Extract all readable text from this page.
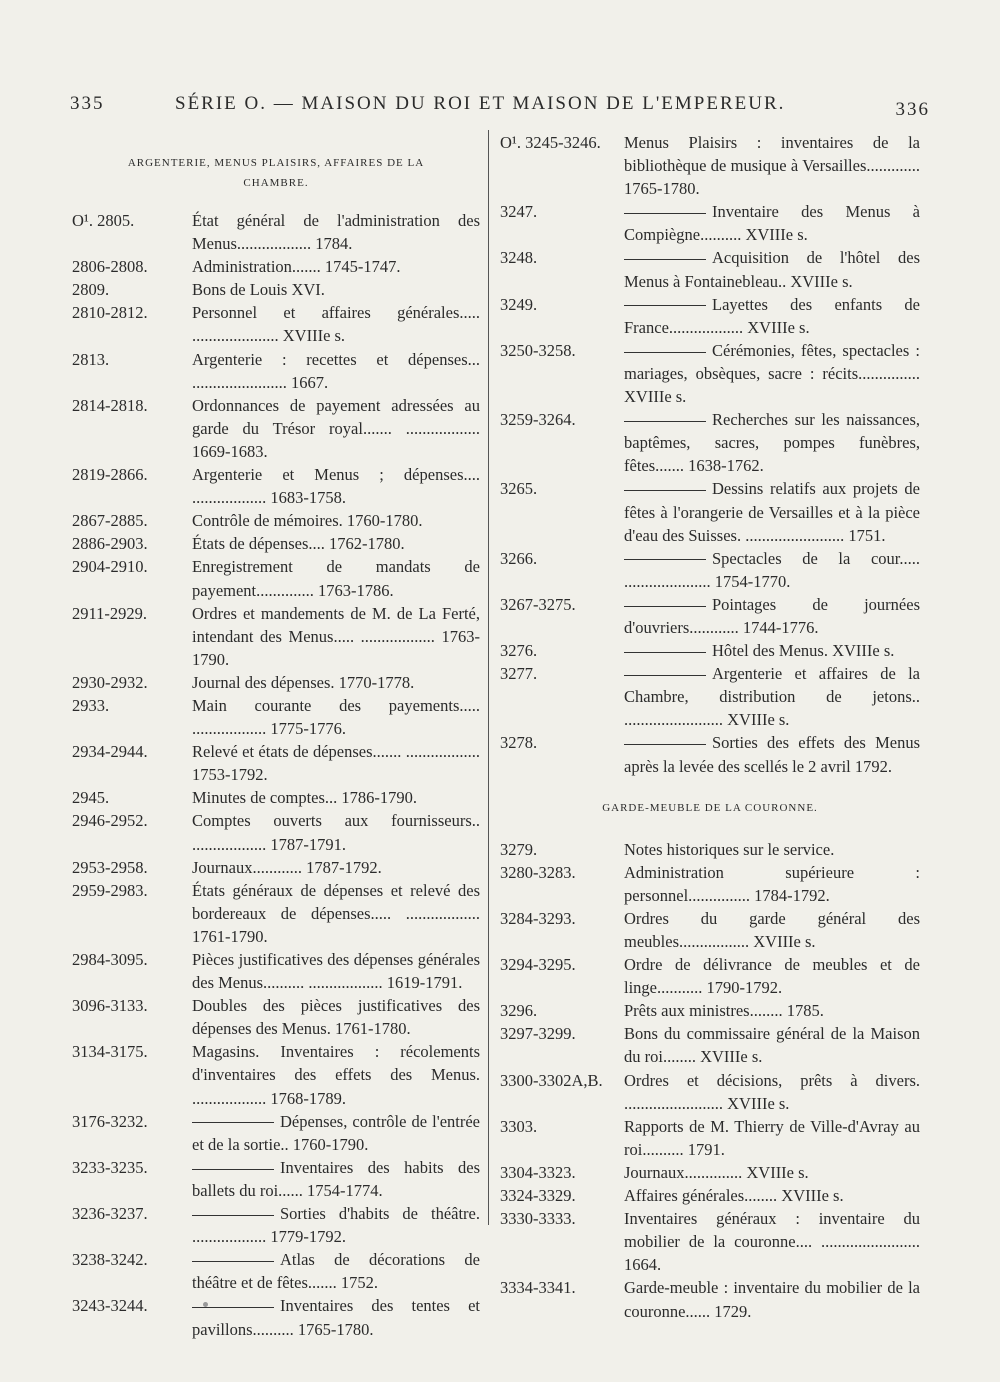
335	SÉRIE O. — MAISON DU ROI ET MAISON DE L'EMPEREUR.	336
ARGENTERIE, MENUS PLAISIRS, AFFAIRES DE LA CHAMBRE.
O¹. 2805.	État général de l'administration des Menus.................. 1784.
2806-2808.	Administration....... 1745-1747.
2809.	Bons de Louis XVI.
2810-2812.	Personnel et affaires générales..... ..................... XVIIIe s.
2813.	Argenterie : recettes et dépenses... ....................... 1667.
2814-2818.	Ordonnances de payement adressées au garde du Trésor royal....... .................. 1669-1683.
2819-2866.	Argenterie et Menus ; dépenses.... .................. 1683-1758.
2867-2885.	Contrôle de mémoires. 1760-1780.
2886-2903.	États de dépenses.... 1762-1780.
2904-2910.	Enregistrement de mandats de payement.............. 1763-1786.
2911-2929.	Ordres et mandements de M. de La Ferté, intendant des Menus..... .................. 1763-1790.
2930-2932.	Journal des dépenses. 1770-1778.
2933.	Main courante des payements..... .................. 1775-1776.
2934-2944.	Relevé et états de dépenses....... .................. 1753-1792.
2945.	Minutes de comptes... 1786-1790.
2946-2952.	Comptes ouverts aux fournisseurs.. .................. 1787-1791.
2953-2958.	Journaux............ 1787-1792.
2959-2983.	États généraux de dépenses et relevé des bordereaux de dépenses..... .................. 1761-1790.
2984-3095.	Pièces justificatives des dépenses générales des Menus.......... .................. 1619-1791.
3096-3133.	Doubles des pièces justificatives des dépenses des Menus. 1761-1780.
3134-3175.	Magasins. Inventaires : récolements d'inventaires des effets des Menus. .................. 1768-1789.
3176-3232.	Dépenses, contrôle de l'entrée et de la sortie.. 1760-1790.
3233-3235.	Inventaires des habits des ballets du roi...... 1754-1774.
3236-3237.	Sorties d'habits de théâtre. .................. 1779-1792.
3238-3242.	Atlas de décorations de théâtre et de fêtes....... 1752.
3243-3244.	Inventaires des tentes et pavillons.......... 1765-1780.
O¹. 3245-3246.	Menus Plaisirs : inventaires de la bibliothèque de musique à Versailles............. 1765-1780.
3247.	Inventaire des Menus à Compiègne.......... XVIIIe s.
3248.	Acquisition de l'hôtel des Menus à Fontainebleau.. XVIIIe s.
3249.	Layettes des enfants de France.................. XVIIIe s.
3250-3258.	Cérémonies, fêtes, spectacles : mariages, obsèques, sacre : récits............... XVIIIe s.
3259-3264.	Recherches sur les naissances, baptêmes, sacres, pompes funèbres, fêtes....... 1638-1762.
3265.	Dessins relatifs aux projets de fêtes à l'orangerie de Versailles et à la pièce d'eau des Suisses. ........................ 1751.
3266.	Spectacles de la cour..... ..................... 1754-1770.
3267-3275.	Pointages de journées d'ouvriers............ 1744-1776.
3276.	Hôtel des Menus. XVIIIe s.
3277.	Argenterie et affaires de la Chambre, distribution de jetons.. ........................ XVIIIe s.
3278.	Sorties des effets des Menus après la levée des scellés le 2 avril 1792.
GARDE-MEUBLE DE LA COURONNE.
3279.	Notes historiques sur le service.
3280-3283.	Administration supérieure : personnel............... 1784-1792.
3284-3293.	Ordres du garde général des meubles................. XVIIIe s.
3294-3295.	Ordre de délivrance de meubles et de linge........... 1790-1792.
3296.	Prêts aux ministres........ 1785.
3297-3299.	Bons du commissaire général de la Maison du roi........ XVIIIe s.
3300-3302A,B.	Ordres et décisions, prêts à divers. ........................ XVIIIe s.
3303.	Rapports de M. Thierry de Ville-d'Avray au roi.......... 1791.
3304-3323.	Journaux.............. XVIIIe s.
3324-3329.	Affaires générales........ XVIIIe s.
3330-3333.	Inventaires généraux : inventaire du mobilier de la couronne.... ........................ 1664.
3334-3341.	Garde-meuble : inventaire du mobilier de la couronne...... 1729.
